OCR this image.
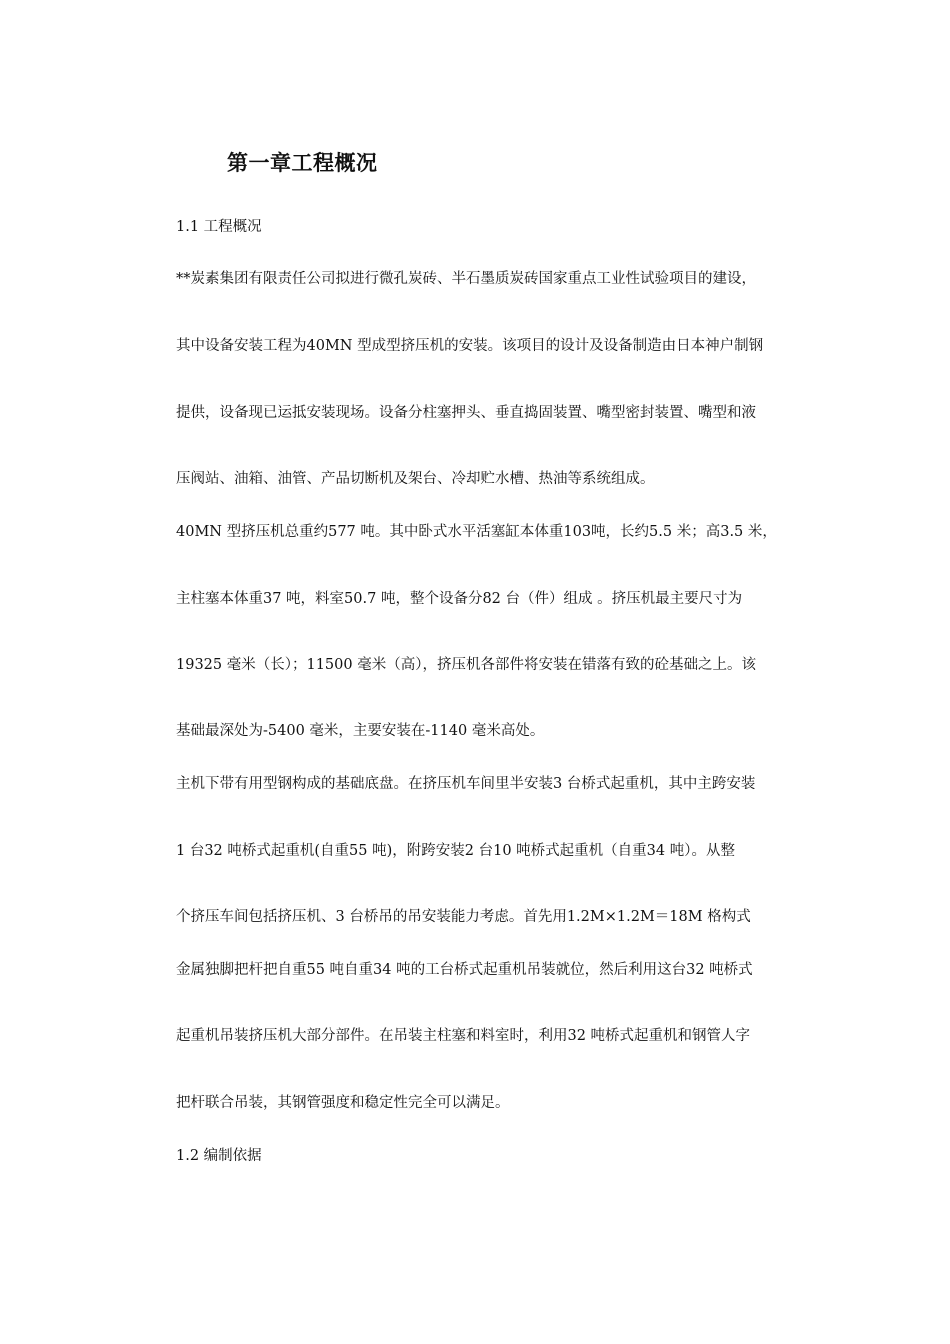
第一章工程概况
1.1 工程概况
**炭素集团有限责任公司拟进行微孔炭砖、半石墨质炭砖国家重点工业性试验项目的建设，
其中设备安装工程为40MN 型成型挤压机的安装。该项目的设计及设备制造由日本神户制钢
提供，设备现已运抵安装现场。设备分柱塞押头、垂直捣固装置、嘴型密封装置、嘴型和液
压阀站、油箱、油管、产品切断机及架台、冷却贮水槽、热油等系统组成。
40MN 型挤压机总重约577 吨。其中卧式水平活塞缸本体重103吨，长约5.5 米；高3.5 米，
主柱塞本体重37 吨，料室50.7 吨，整个设备分82 台（件）组成 。挤压机最主要尺寸为
19325 毫米（长）；11500 毫米（高），挤压机各部件将安装在错落有致的砼基础之上。该
基础最深处为-5400 毫米，主要安装在-1140 毫米高处。
主机下带有用型钢构成的基础底盘。在挤压机车间里半安装3 台桥式起重机，其中主跨安装
1 台32 吨桥式起重机(自重55 吨)，附跨安装2 台10 吨桥式起重机（自重34 吨）。从整
个挤压车间包括挤压机、3 台桥吊的吊安装能力考虑。首先用1.2M×1.2M＝18M 格构式
金属独脚把杆把自重55 吨自重34 吨的工台桥式起重机吊装就位，然后利用这台32 吨桥式
起重机吊装挤压机大部分部件。在吊装主柱塞和料室时，利用32 吨桥式起重机和钢管人字
把杆联合吊装，其钢管强度和稳定性完全可以满足。
1.2 编制依据
